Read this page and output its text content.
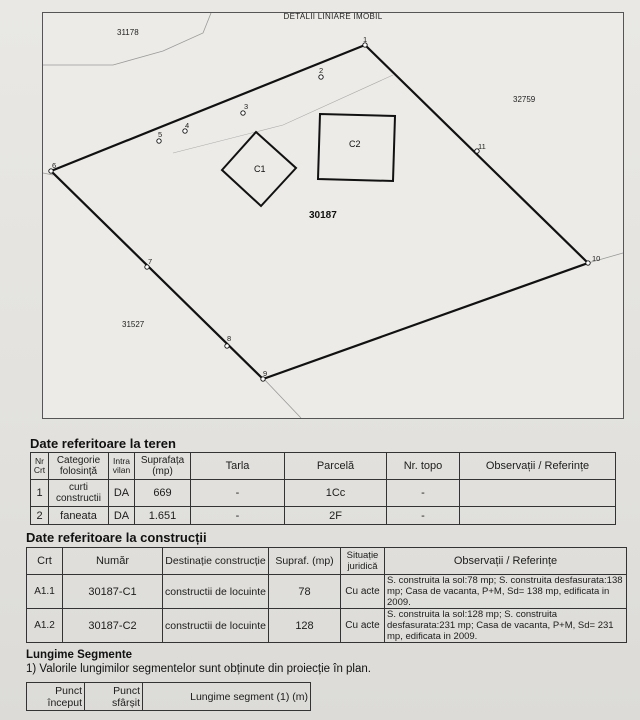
DETALII LINIARE IMOBIL
1
2
3
4
5
6
7
8
9
10
11
31178
32759
31527
30187
C1
C2
Date referitoare la teren
Nr Crt	Categorie folosință	Intra vilan	Suprafața (mp)	Tarla	Parcelă	Nr. topo	Observații / Referințe
1	curti constructii	DA	669	-	1Cc	-	
2	faneata	DA	1.651	-	2F	-	
Date referitoare la construcții
Crt	Număr	Destinație construcție	Supraf. (mp)	Situație juridică	Observații / Referințe
A1.1	30187-C1	constructii de locuinte	78	Cu acte	S. construita la sol:78 mp; S. construita desfasurata:138 mp; Casa de vacanta, P+M, Sd= 138 mp, edificata in 2009.
A1.2	30187-C2	constructii de locuinte	128	Cu acte	S. construita la sol:128 mp; S. construita desfasurata:231 mp; Casa de vacanta, P+M, Sd= 231 mp, edificata in 2009.
Lungime Segmente
1) Valorile lungimilor segmentelor sunt obținute din proiecție în plan.
Punct început	Punct sfârșit	Lungime segment (1) (m)
